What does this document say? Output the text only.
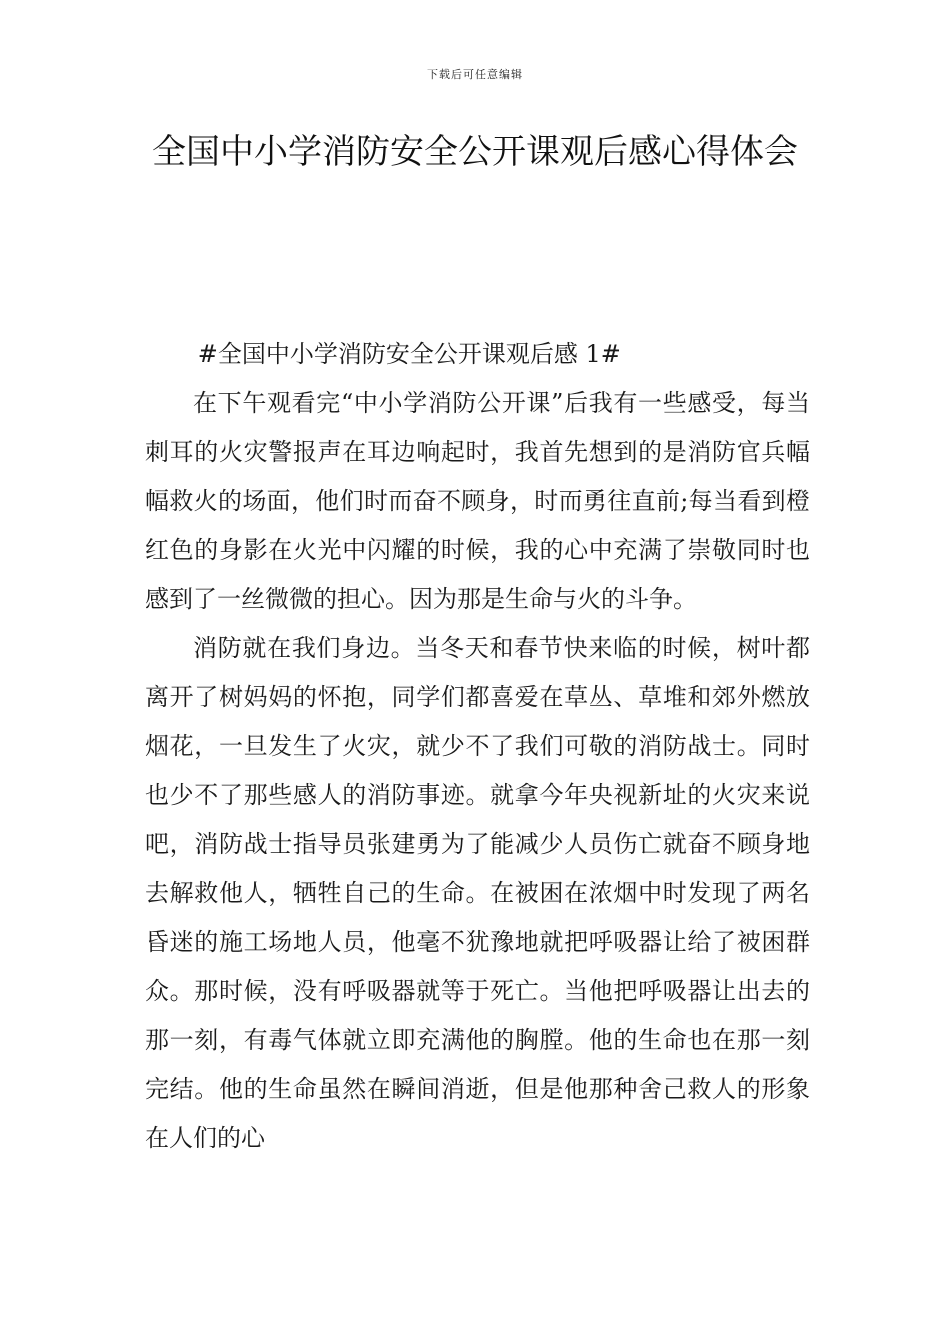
下载后可任意编辑
全国中小学消防安全公开课观后感心得体会

#全国中小学消防安全公开课观后感 1#

在下午观看完“中小学消防公开课”后我有一些感受，每当刺耳的火灾警报声在耳边响起时，我首先想到的是消防官兵幅幅救火的场面，他们时而奋不顾身，时而勇往直前;每当看到橙红色的身影在火光中闪耀的时候，我的心中充满了崇敬同时也感到了一丝微微的担心。因为那是生命与火的斗争。

消防就在我们身边。当冬天和春节快来临的时候，树叶都离开了树妈妈的怀抱，同学们都喜爱在草丛、草堆和郊外燃放烟花，一旦发生了火灾，就少不了我们可敬的消防战士。同时也少不了那些感人的消防事迹。就拿今年央视新址的火灾来说吧，消防战士指导员张建勇为了能减少人员伤亡就奋不顾身地去解救他人，牺牲自己的生命。在被困在浓烟中时发现了两名昏迷的施工场地人员，他毫不犹豫地就把呼吸器让给了被困群众。那时候，没有呼吸器就等于死亡。当他把呼吸器让出去的那一刻，有毒气体就立即充满他的胸膛。他的生命也在那一刻完结。他的生命虽然在瞬间消逝，但是他那种舍己救人的形象在人们的心
